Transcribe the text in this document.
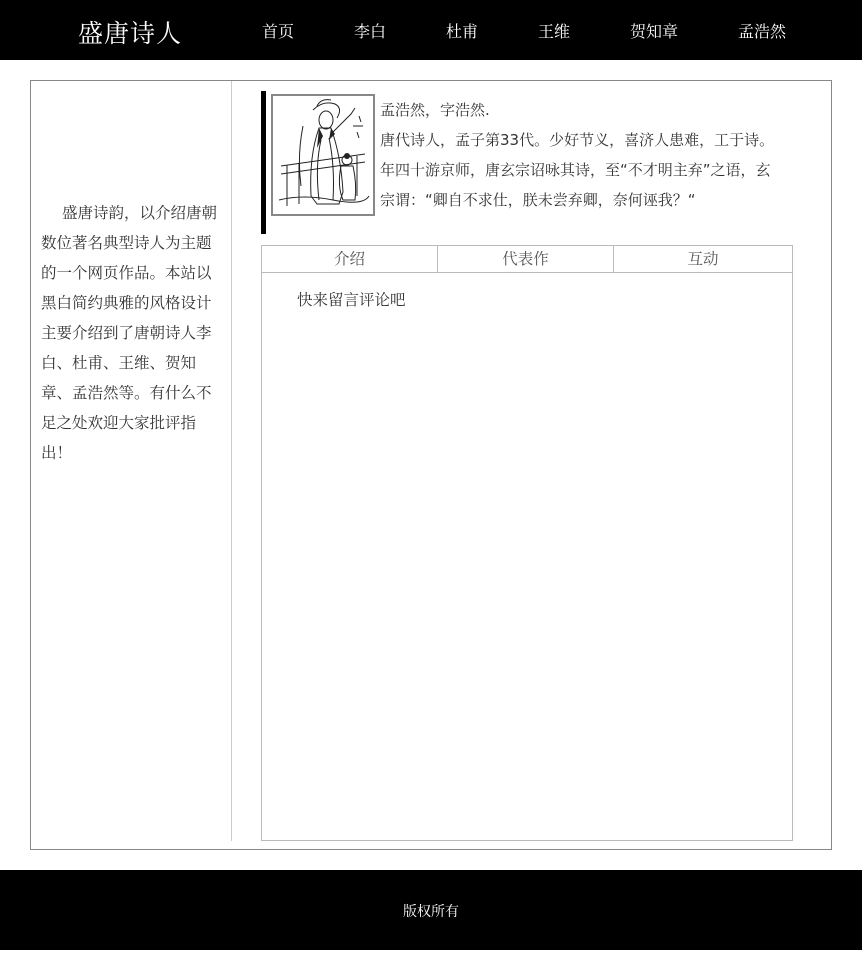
盛唐诗人	首页	李白	杜甫	王维	贺知章	孟浩然

盛唐诗韵，以介绍唐朝数位著名典型诗人为主题的一个网页作品。本站以黑白简约典雅的风格设计主要介绍到了唐朝诗人李白、杜甫、王维、贺知章、孟浩然等。有什么不足之处欢迎大家批评指出！

孟浩然，字浩然.

唐代诗人，孟子第33代。少好节义，喜济人患难，工于诗。年四十游京师，唐玄宗诏咏其诗，至“不才明主弃”之语，玄宗谓：“卿自不求仕，朕未尝弃卿，奈何诬我？“

介绍	代表作	互动
快来留言评论吧
版权所有
